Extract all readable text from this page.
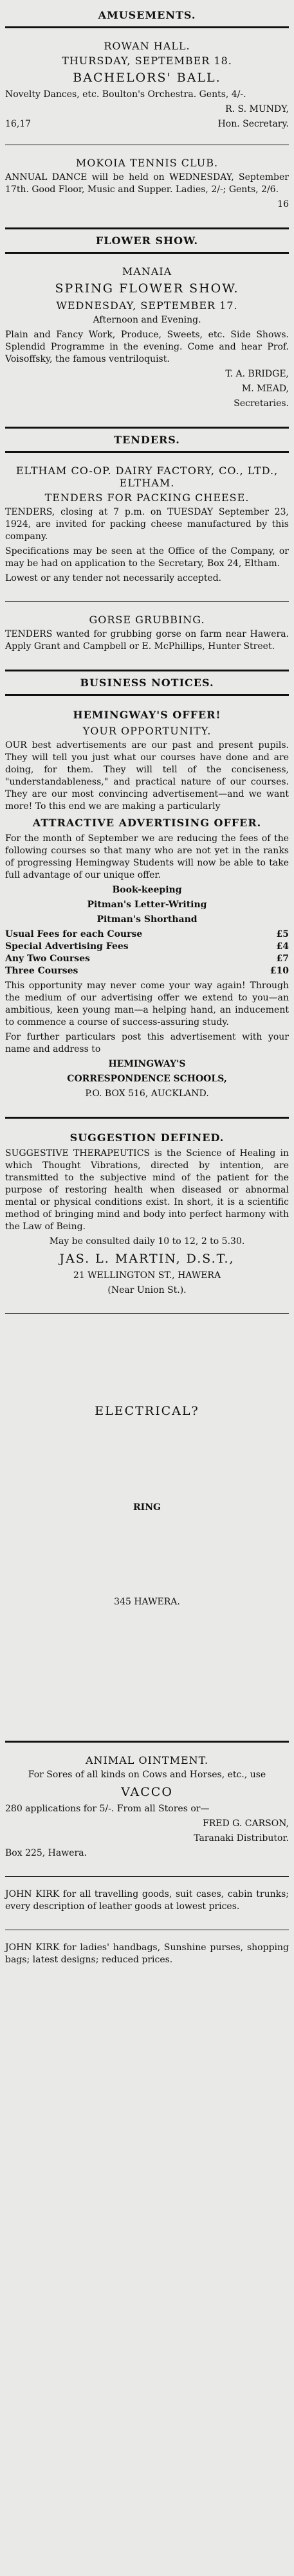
AMUSEMENTS.
ROWAN HALL.
THURSDAY, SEPTEMBER 18.
BACHELORS' BALL.
Novelty Dances, etc. Boulton's Orchestra. Gents, 4/-.
R. S. MUNDY,
16,17	Hon. Secretary.
MOKOIA TENNIS CLUB.
ANNUAL DANCE will be held on WEDNESDAY, September 17th. Good Floor, Music and Supper. Ladies, 2/-; Gents, 2/6.
16
FLOWER SHOW.
MANAIA
SPRING FLOWER SHOW.
WEDNESDAY, SEPTEMBER 17.
Afternoon and Evening.
Plain and Fancy Work, Produce, Sweets, etc. Side Shows. Splendid Programme in the evening. Come and hear Prof. Voisoffsky, the famous ventriloquist.
T. A. BRIDGE,
M. MEAD,
Secretaries.
TENDERS.
ELTHAM CO-OP. DAIRY FACTORY, CO., LTD., ELTHAM.
TENDERS FOR PACKING CHEESE.
TENDERS, closing at 7 p.m. on TUESDAY September 23, 1924, are invited for packing cheese manufactured by this company.
Specifications may be seen at the Office of the Company, or may be had on application to the Secretary, Box 24, Eltham.
Lowest or any tender not necessarily accepted.
GORSE GRUBBING.
TENDERS wanted for grubbing gorse on farm near Hawera. Apply Grant and Campbell or E. McPhillips, Hunter Street.
BUSINESS NOTICES.
HEMINGWAY'S OFFER!
YOUR OPPORTUNITY.
OUR best advertisements are our past and present pupils. They will tell you just what our courses have done and are doing, for them. They will tell of the conciseness, "understandableness," and practical nature of our courses. They are our most convincing advertisement—and we want more! To this end we are making a particularly
ATTRACTIVE ADVERTISING OFFER.
For the month of September we are reducing the fees of the following courses so that many who are not yet in the ranks of progressing Hemingway Students will now be able to take full advantage of our unique offer.
Book-keeping
Pitman's Letter-Writing
Pitman's Shorthand
Usual Fees for each Course	£5
Special Advertising Fees	£4
Any Two Courses	£7
Three Courses	£10
This opportunity may never come your way again! Through the medium of our advertising offer we extend to you—an ambitious, keen young man—a helping hand, an inducement to commence a course of success-assuring study.
For further particulars post this advertisement with your name and address to
HEMINGWAY'S
CORRESPONDENCE SCHOOLS,
P.O. BOX 516, AUCKLAND.
SUGGESTION DEFINED.
SUGGESTIVE THERAPEUTICS is the Science of Healing in which Thought Vibrations, directed by intention, are transmitted to the subjective mind of the patient for the purpose of restoring health when diseased or abnormal mental or physical conditions exist. In short, it is a scientific method of bringing mind and body into perfect harmony with the Law of Being.
May be consulted daily 10 to 12, 2 to 5.30.
JAS. L. MARTIN, D.S.T.,
21 WELLINGTON ST., HAWERA
(Near Union St.).
ELECTRICAL?
RING
345 HAWERA.
ANIMAL OINTMENT.
For Sores of all kinds on Cows and Horses, etc., use
VACCO
280 applications for 5/-. From all Stores or—
FRED G. CARSON,
Taranaki Distributor.
Box 225, Hawera.
JOHN KIRK for all travelling goods, suit cases, cabin trunks; every description of leather goods at lowest prices.
JOHN KIRK for ladies' handbags, Sunshine purses, shopping bags; latest designs; reduced prices.
